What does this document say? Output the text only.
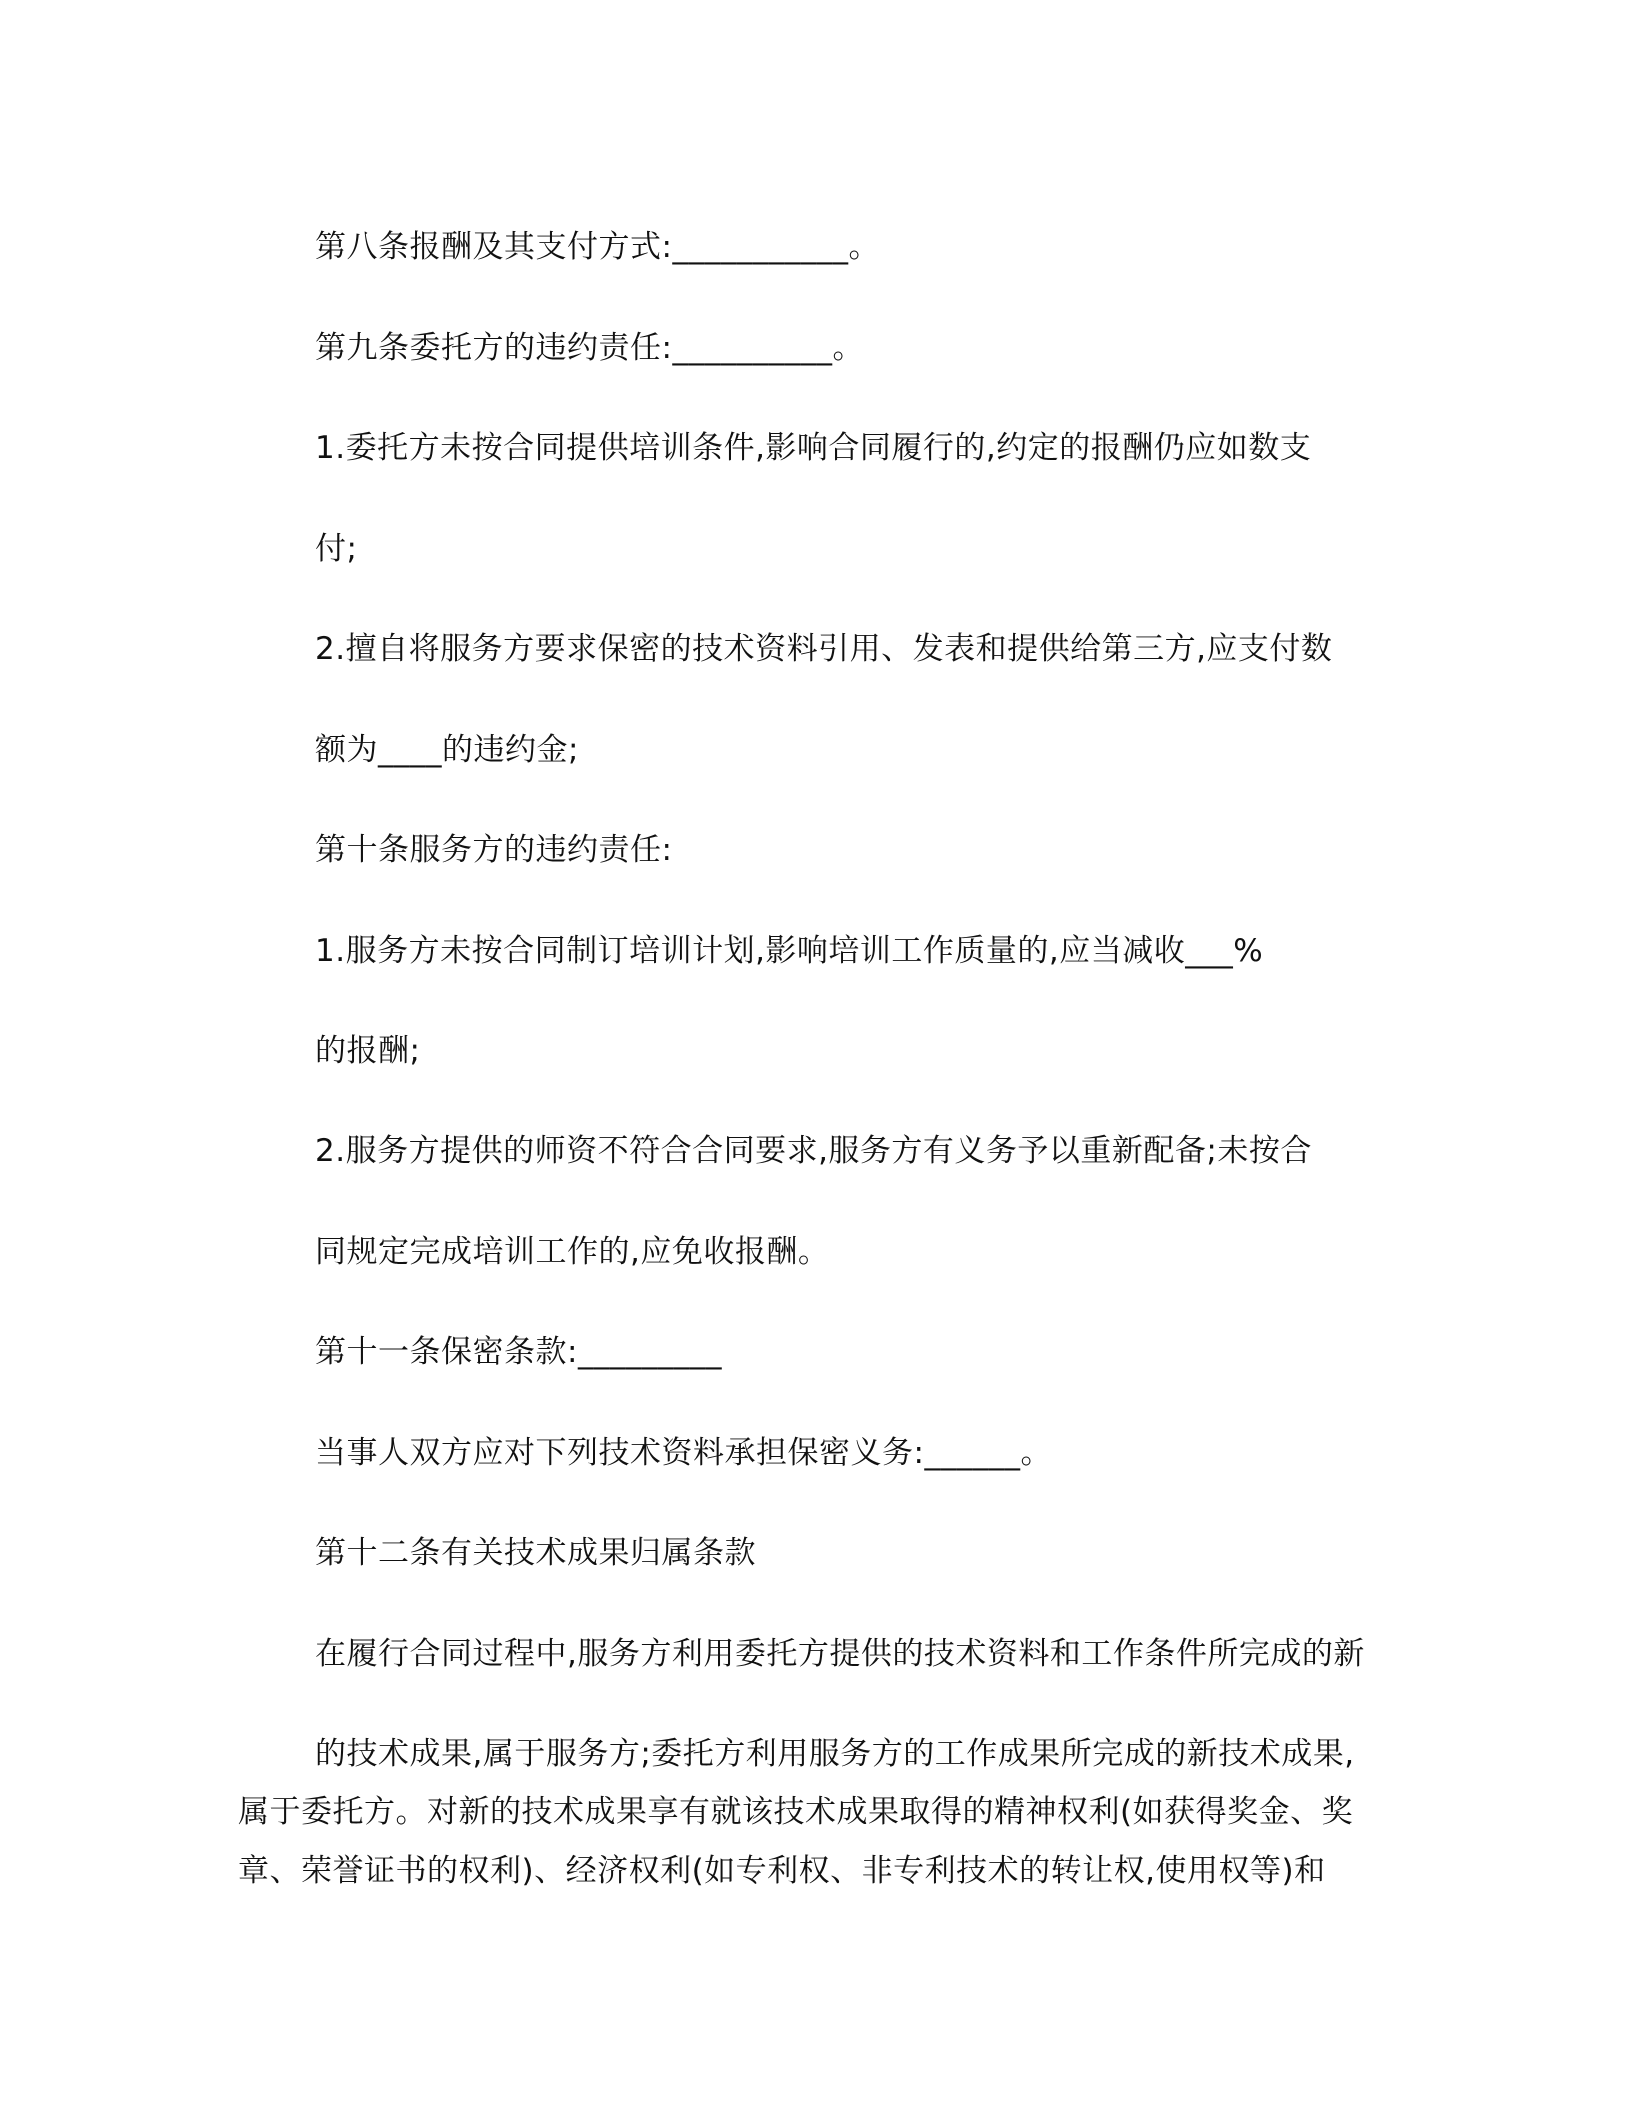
第八条报酬及其支付方式:___________。

第九条委托方的违约责任:__________。

1.委托方未按合同提供培训条件,影响合同履行的,约定的报酬仍应如数支

付;

2.擅自将服务方要求保密的技术资料引用、发表和提供给第三方,应支付数

额为____的违约金;

第十条服务方的违约责任:

1.服务方未按合同制订培训计划,影响培训工作质量的,应当减收___%

的报酬;

2.服务方提供的师资不符合合同要求,服务方有义务予以重新配备;未按合

同规定完成培训工作的,应免收报酬。

第十一条保密条款:_________

当事人双方应对下列技术资料承担保密义务:______。

第十二条有关技术成果归属条款

在履行合同过程中,服务方利用委托方提供的技术资料和工作条件所完成的新

的技术成果,属于服务方;委托方利用服务方的工作成果所完成的新技术成果,

属于委托方。对新的技术成果享有就该技术成果取得的精神权利(如获得奖金、奖

章、荣誉证书的权利)、经济权利(如专利权、非专利技术的转让权,使用权等)和
